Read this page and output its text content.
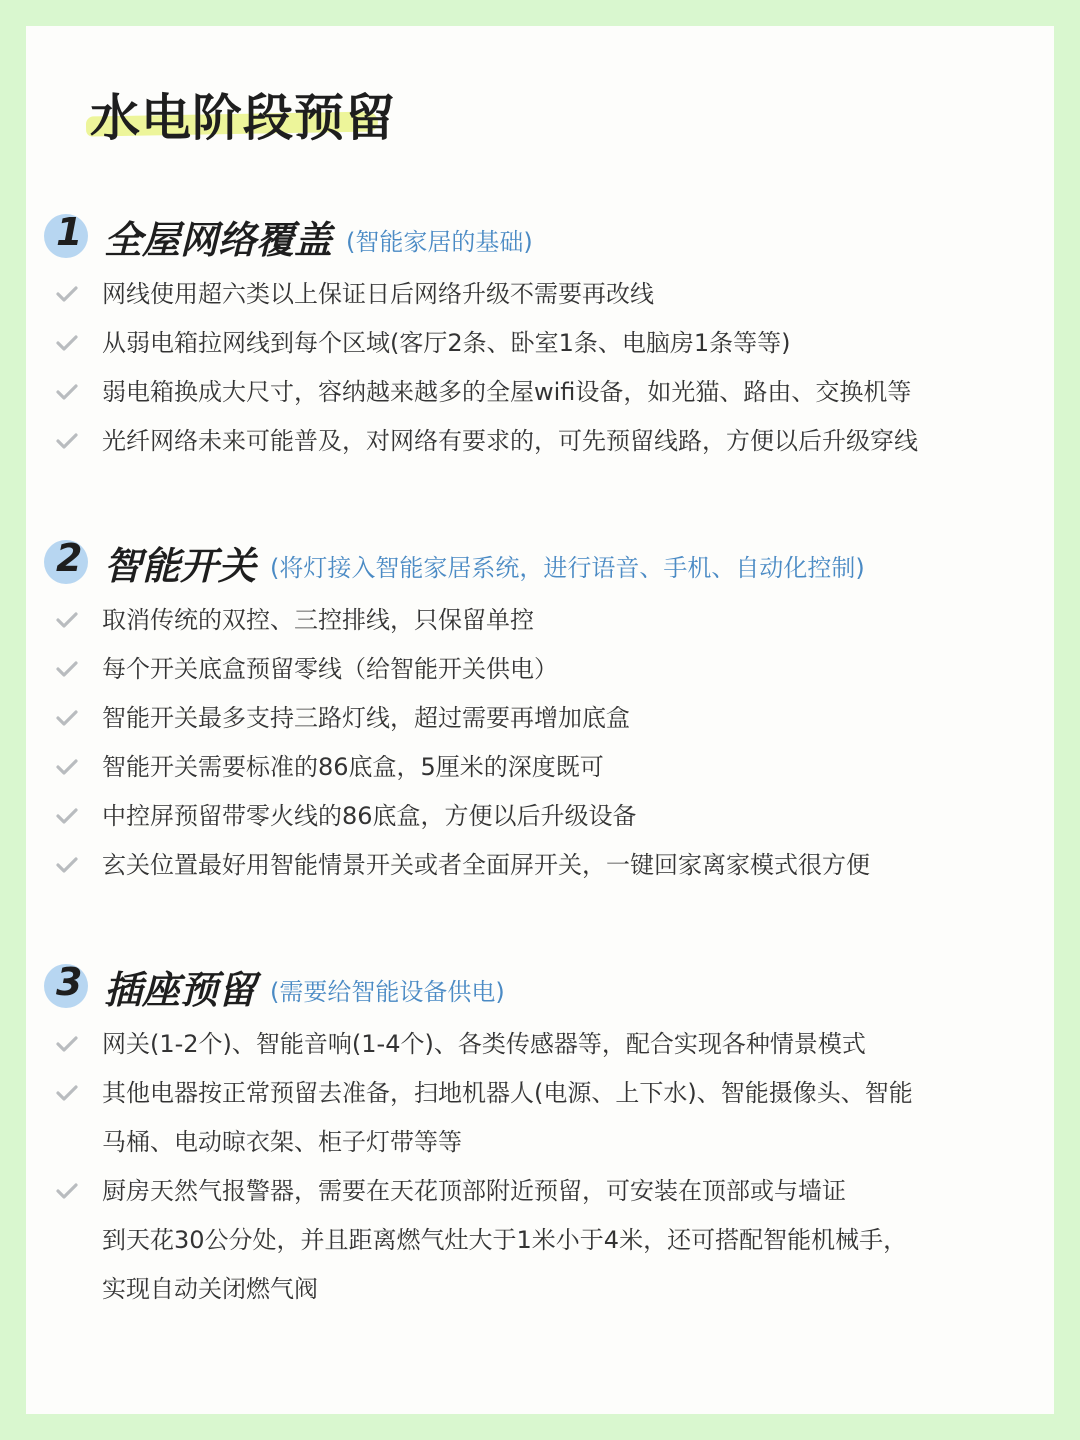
水电阶段预留
1 全屋网络覆盖 (智能家居的基础)
网线使用超六类以上保证日后网络升级不需要再改线
从弱电箱拉网线到每个区域(客厅2条、卧室1条、电脑房1条等等)
弱电箱换成大尺寸，容纳越来越多的全屋wifi设备，如光猫、路由、交换机等
光纤网络未来可能普及，对网络有要求的，可先预留线路，方便以后升级穿线
2 智能开关 (将灯接入智能家居系统，进行语音、手机、自动化控制)
取消传统的双控、三控排线，只保留单控
每个开关底盒预留零线（给智能开关供电）
智能开关最多支持三路灯线，超过需要再增加底盒
智能开关需要标准的86底盒，5厘米的深度既可
中控屏预留带零火线的86底盒，方便以后升级设备
玄关位置最好用智能情景开关或者全面屏开关，一键回家离家模式很方便
3 插座预留 (需要给智能设备供电)
网关(1-2个)、智能音响(1-4个)、各类传感器等，配合实现各种情景模式
其他电器按正常预留去准备，扫地机器人(电源、上下水)、智能摄像头、智能
马桶、电动晾衣架、柜子灯带等等
厨房天然气报警器，需要在天花顶部附近预留，可安装在顶部或与墙证
到天花30公分处，并且距离燃气灶大于1米小于4米，还可搭配智能机械手，
实现自动关闭燃气阀
